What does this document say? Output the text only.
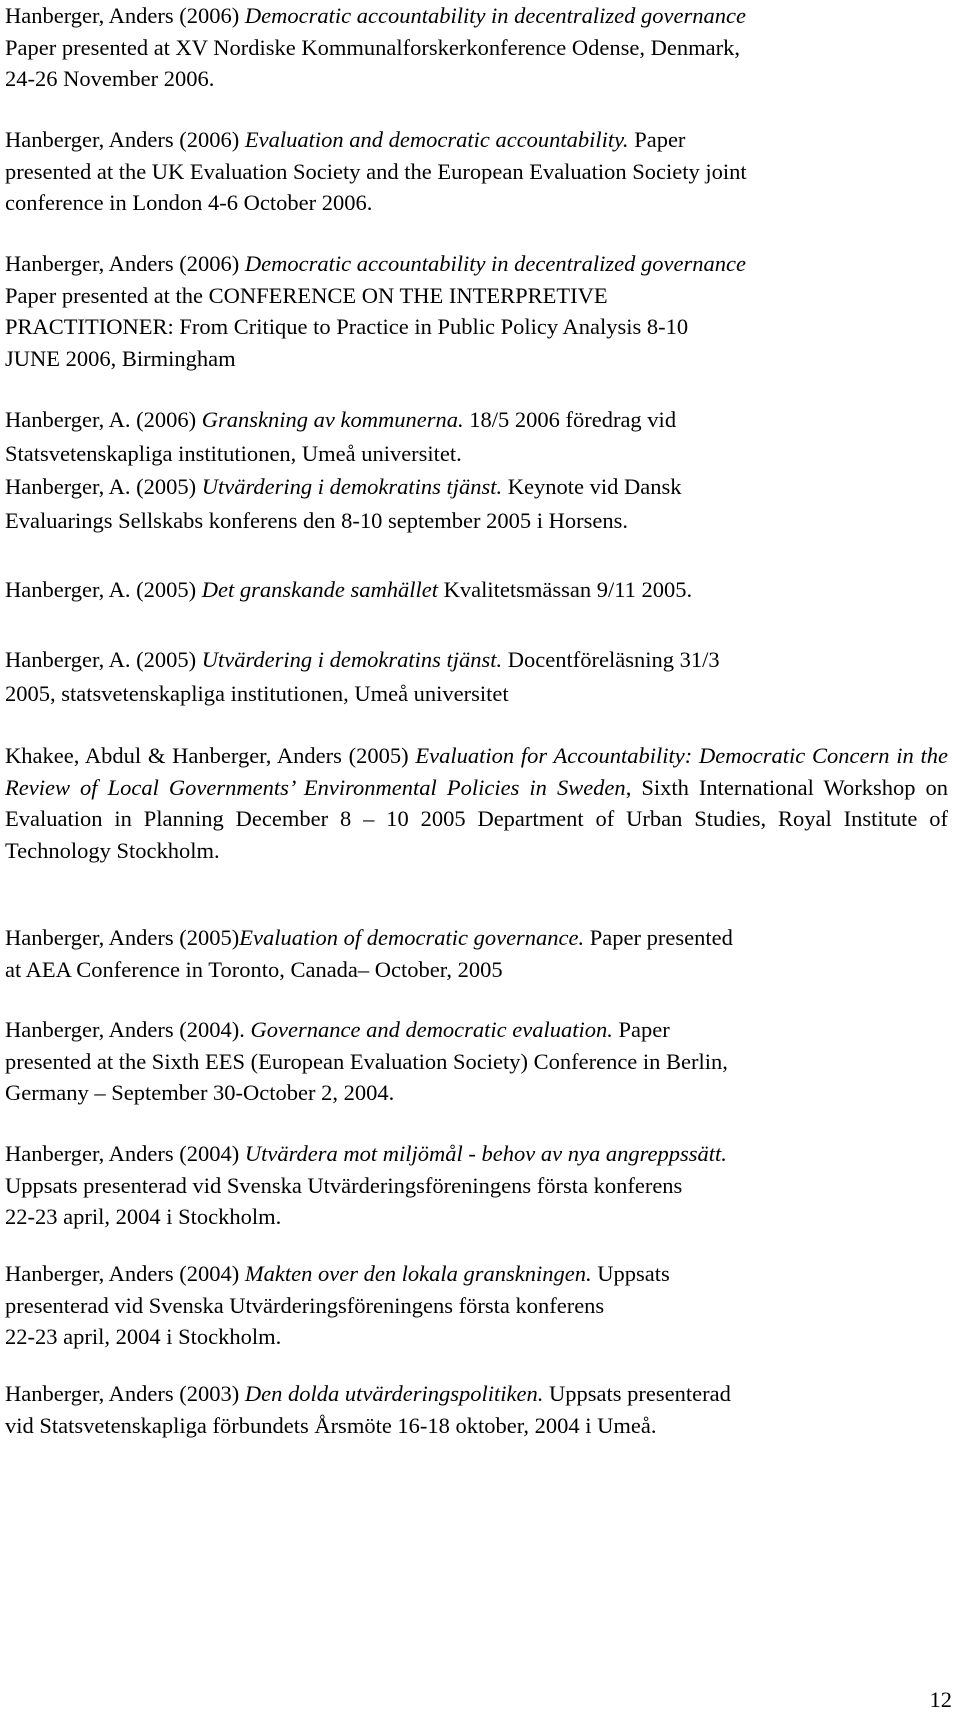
Hanberger, Anders (2006) Democratic accountability in decentralized governance
Paper presented at XV Nordiske Kommunalforskerkonference Odense, Denmark,
24-26 November 2006.
Hanberger, Anders (2006) Evaluation and democratic accountability. Paper
presented at the UK Evaluation Society and the European Evaluation Society joint
conference in London 4-6 October 2006.
Hanberger, Anders (2006) Democratic accountability in decentralized governance
Paper presented at the CONFERENCE ON THE INTERPRETIVE
PRACTITIONER: From Critique to Practice in Public Policy Analysis 8-10
JUNE 2006, Birmingham
Hanberger, A. (2006) Granskning av kommunerna. 18/5 2006 föredrag vid
Statsvetenskapliga institutionen, Umeå universitet.
Hanberger, A. (2005) Utvärdering i demokratins tjänst. Keynote vid Dansk
Evaluarings Sellskabs konferens den 8-10 september 2005 i Horsens.
Hanberger, A. (2005) Det granskande samhället Kvalitetsmässan 9/11 2005.
Hanberger, A. (2005) Utvärdering i demokratins tjänst. Docentföreläsning 31/3
2005, statsvetenskapliga institutionen, Umeå universitet
Khakee, Abdul & Hanberger, Anders (2005) Evaluation for Accountability: Democratic Concern in the Review of Local Governments’ Environmental Policies in Sweden, Sixth International Workshop on Evaluation in Planning December 8 – 10 2005 Department of Urban Studies, Royal Institute of Technology Stockholm.
Hanberger, Anders (2005)Evaluation of democratic governance. Paper presented
at AEA Conference in Toronto, Canada– October, 2005
Hanberger, Anders (2004). Governance and democratic evaluation. Paper
presented at the Sixth EES (European Evaluation Society) Conference in Berlin,
Germany – September 30-October 2, 2004.
Hanberger, Anders (2004) Utvärdera mot miljömål - behov av nya angreppssätt.
Uppsats presenterad vid Svenska Utvärderingsföreningens första konferens
22-23 april, 2004 i Stockholm.
Hanberger, Anders (2004) Makten over den lokala granskningen. Uppsats
presenterad vid Svenska Utvärderingsföreningens första konferens
22-23 april, 2004 i Stockholm.
Hanberger, Anders (2003) Den dolda utvärderingspolitiken. Uppsats presenterad
vid Statsvetenskapliga förbundets Årsmöte 16-18 oktober, 2004 i Umeå.
12
